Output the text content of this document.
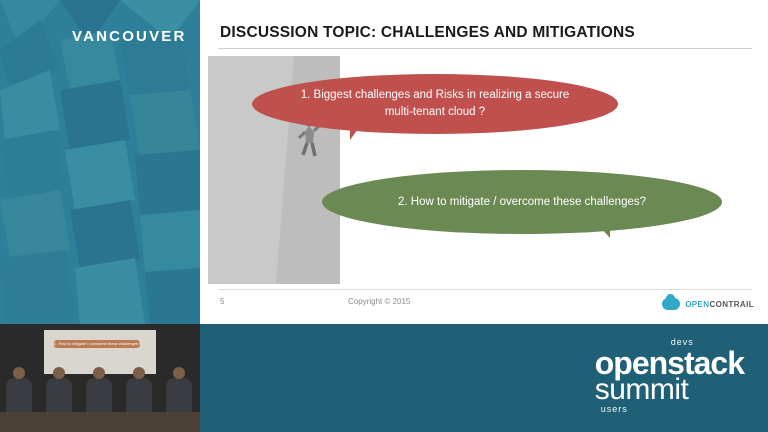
VANCOUVER DISCUSSION TOPIC: CHALLENGES AND MITIGATIONS
1. Biggest challenges and Risks in realizing a secure multi-tenant cloud ?
2. How to mitigate / overcome these challenges?
5	Copyright © 2015	OPENCONTRAIL
1. How to mitigate / overcome these challenges?	devs
openstack
summit
users
